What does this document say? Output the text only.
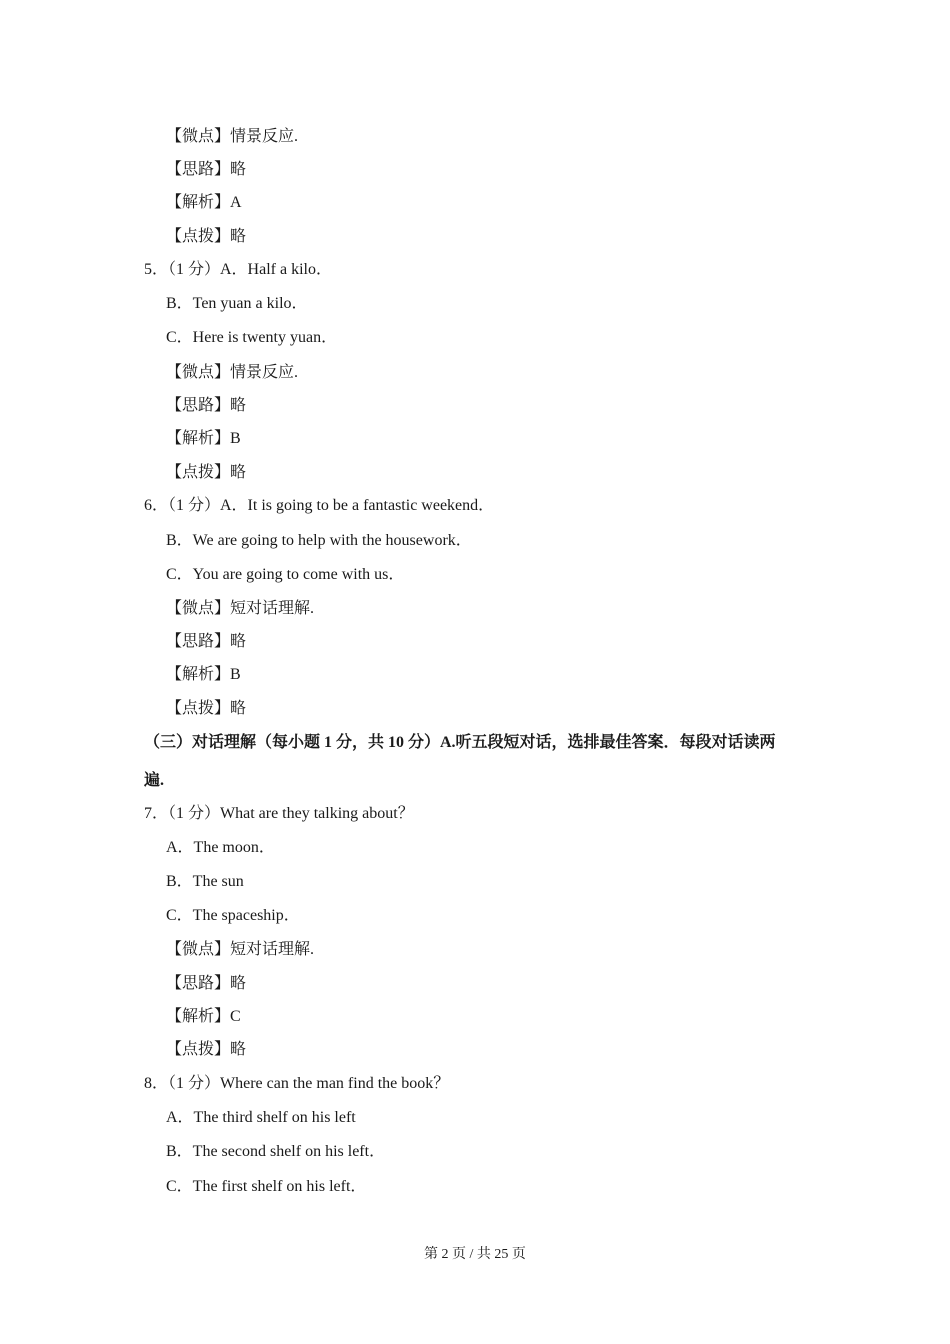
【微点】情景反应.
【思路】略
【解析】A
【点拨】略
5．（1 分）A．Half a kilo．
B．Ten yuan a kilo．
C．Here is twenty yuan．
【微点】情景反应.
【思路】略
【解析】B
【点拨】略
6．（1 分）A．It is going to be a fantastic weekend．
B．We are going to help with the housework．
C．You are going to come with us．
【微点】短对话理解.
【思路】略
【解析】B
【点拨】略
（三）对话理解（每小题 1 分，共 10 分）A.听五段短对话，选排最佳答案．每段对话读两
遍.
7．（1 分）What are they talking about？
A．The moon．
B．The sun
C．The spaceship．
【微点】短对话理解.
【思路】略
【解析】C
【点拨】略
8．（1 分）Where can the man find the book？
A．The third shelf on his left
B．The second shelf on his left．
C．The first shelf on his left．
第 2 页 / 共 25 页
